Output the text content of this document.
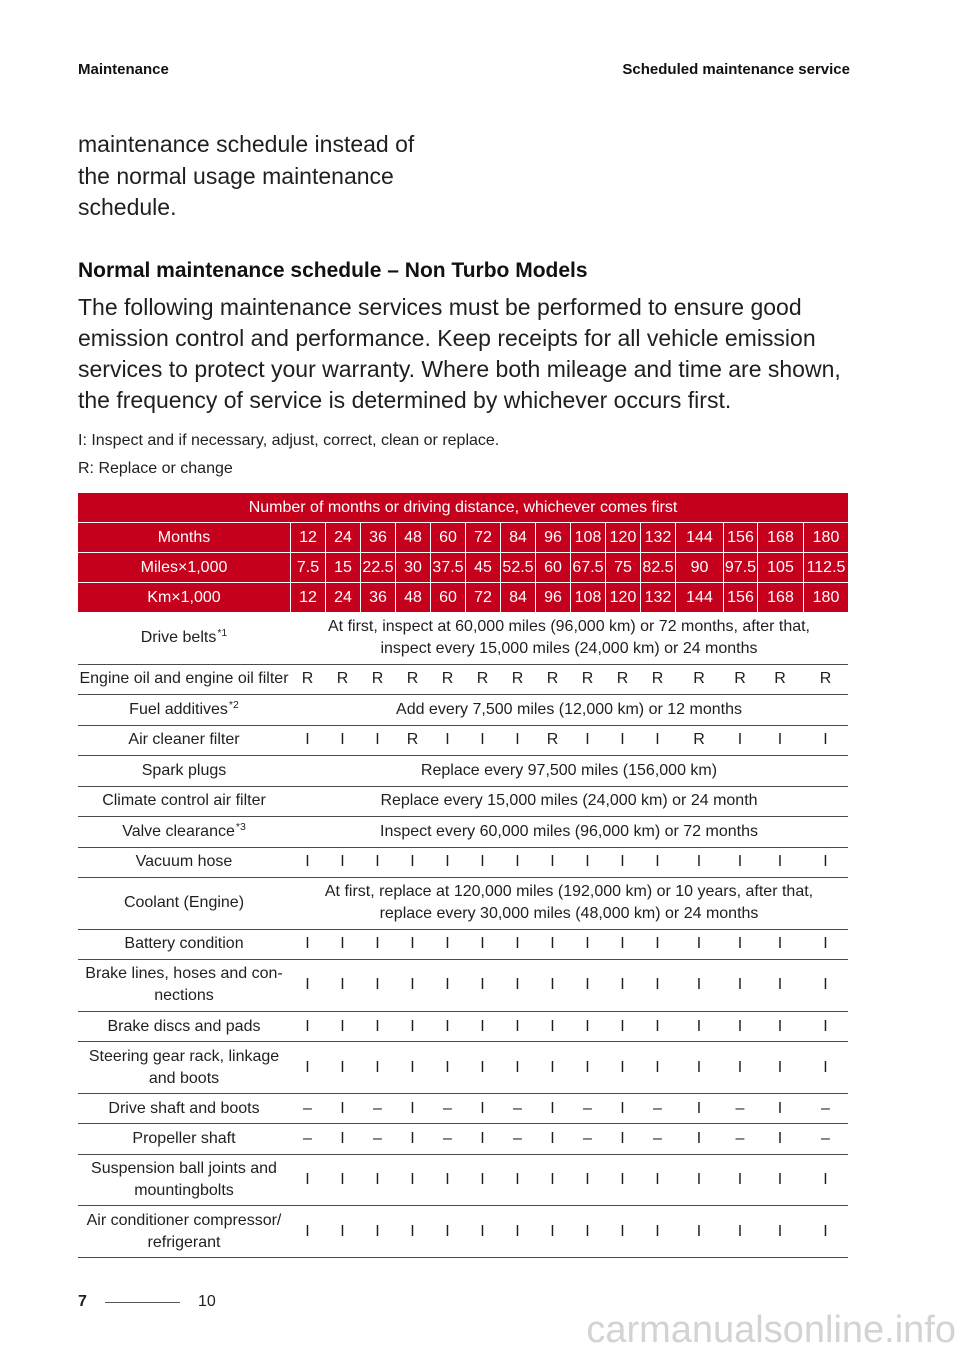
Maintenance	Scheduled maintenance service
maintenance schedule instead of
the normal usage maintenance
schedule.
Normal maintenance schedule – Non Turbo Models
The following maintenance services must be performed to ensure good
emission control and performance. Keep receipts for all vehicle emission
services to protect your warranty. Where both mileage and time are shown,
the frequency of service is determined by whichever occurs first.
I: Inspect and if necessary, adjust, correct, clean or replace.
R: Replace or change
Number of months or driving distance, whichever comes first
Months	12	24	36	48	60	72	84	96 108 120 132 144 156 168	180
Miles×1,000	7.5 15 22.5 30 37.5 45 52.5 60 67.5 75 82.5	90	97.5 105 112.5
Km×1,000	12	24	36	48	60	72	84	96 108 120 132 144 156 168	180
Drive belts$^{*1}$	At first, inspect at 60,000 miles (96,000 km) or 72 months, after that,
inspect every 15,000 miles (24,000 km) or 24 months
Engine oil and engine oil filter R	R	R	R	R	R	R	R	R	R	R	R	R	R	R
Fuel additives$^{*2}$	Add every 7,500 miles (12,000 km) or 12 months
Air cleaner filter	I	I	I	R	I	I	I	R	I	I	I	R	I	I	I
Spark plugs	Replace every 97,500 miles (156,000 km)
Climate control air filter	Replace every 15,000 miles (24,000 km) or 24 month
Valve clearance$^{*3}$	Inspect every 60,000 miles (96,000 km) or 72 months
Vacuum hose	I	I	I	I	I	I	I	I	I	I	I	I	I	I	I
Coolant (Engine)
At first, replace at 120,000 miles (192,000 km) or 10 years, after that,
replace every 30,000 miles (48,000 km) or 24 months
Battery condition	I	I	I	I	I	I	I	I	I	I	I	I	I	I	I
Brake lines, hoses and con-
nections
I	I	I	I	I	I	I	I	I	I	I	I	I	I	I
Brake discs and pads	I	I	I	I	I	I	I	I	I	I	I	I	I	I	I
Steering gear rack, linkage
and boots
I	I	I	I	I	I	I	I	I	I	I	I	I	I	I
Drive shaft and boots	–	I	–	I	–	I	–	I	–	I	–	I	–	I	–
Propeller shaft	–	I	–	I	–	I	–	I	–	I	–	I	–	I	–
Suspension ball joints and
mountingbolts
I	I	I	I	I	I	I	I	I	I	I	I	I	I	I
Air conditioner compressor/
refrigerant
I	I	I	I	I	I	I	I	I	I	I	I	I	I	I
7	10
carmanualsonline.info
